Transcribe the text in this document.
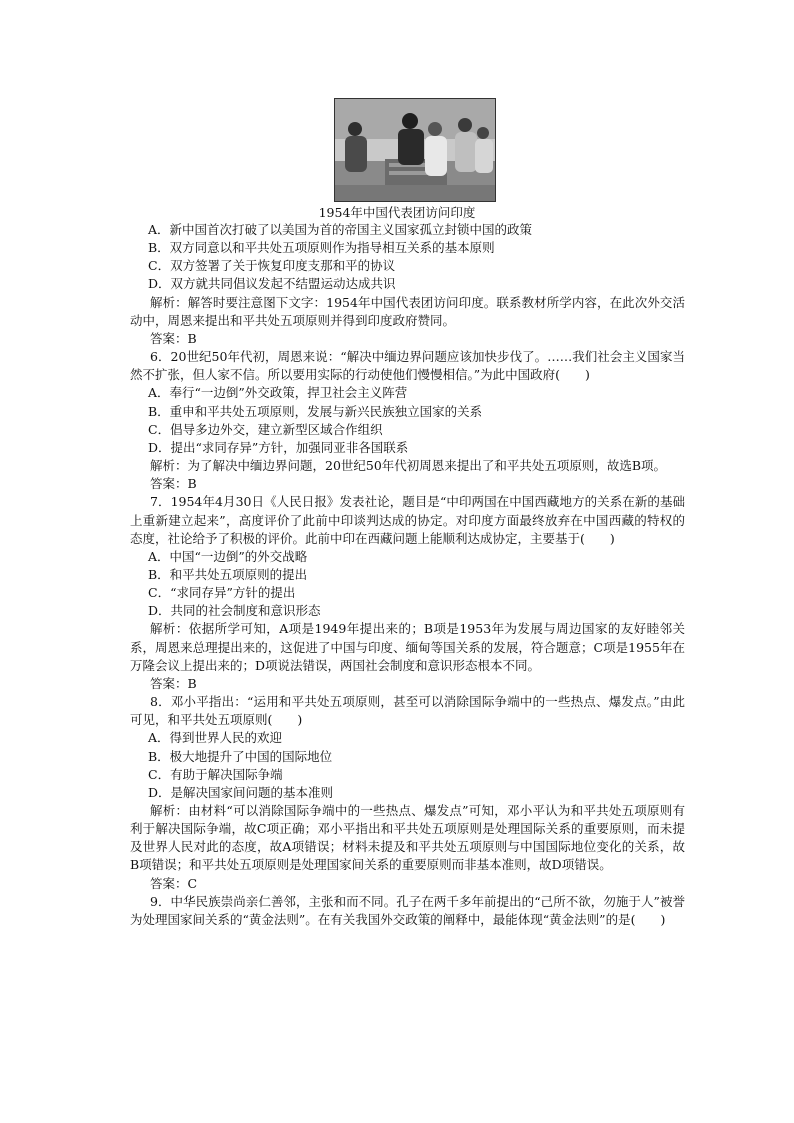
1954年中国代表团访问印度
A．新中国首次打破了以美国为首的帝国主义国家孤立封锁中国的政策
B．双方同意以和平共处五项原则作为指导相互关系的基本原则
C．双方签署了关于恢复印度支那和平的协议
D．双方就共同倡议发起不结盟运动达成共识
解析：解答时要注意图下文字：1954年中国代表团访问印度。联系教材所学内容，在此次外交活动中，周恩来提出和平共处五项原则并得到印度政府赞同。
答案：B
6．20世纪50年代初，周恩来说：“解决中缅边界问题应该加快步伐了。……我们社会主义国家当然不扩张，但人家不信。所以要用实际的行动使他们慢慢相信。”为此中国政府(　　)
A．奉行“一边倒”外交政策，捍卫社会主义阵营
B．重申和平共处五项原则，发展与新兴民族独立国家的关系
C．倡导多边外交，建立新型区域合作组织
D．提出“求同存异”方针，加强同亚非各国联系
解析：为了解决中缅边界问题，20世纪50年代初周恩来提出了和平共处五项原则，故选B项。
答案：B
7．1954年4月30日《人民日报》发表社论，题目是“中印两国在中国西藏地方的关系在新的基础上重新建立起来”，高度评价了此前中印谈判达成的协定。对印度方面最终放弃在中国西藏的特权的态度，社论给予了积极的评价。此前中印在西藏问题上能顺利达成协定，主要基于(　　)
A．中国“一边倒”的外交战略
B．和平共处五项原则的提出
C．“求同存异”方针的提出
D．共同的社会制度和意识形态
解析：依据所学可知，A项是1949年提出来的；B项是1953年为发展与周边国家的友好睦邻关系，周恩来总理提出来的，这促进了中国与印度、缅甸等国关系的发展，符合题意；C项是1955年在万隆会议上提出来的；D项说法错误，两国社会制度和意识形态根本不同。
答案：B
8．邓小平指出：“运用和平共处五项原则，甚至可以消除国际争端中的一些热点、爆发点。”由此可见，和平共处五项原则(　　)
A．得到世界人民的欢迎
B．极大地提升了中国的国际地位
C．有助于解决国际争端
D．是解决国家间问题的基本准则
解析：由材料“可以消除国际争端中的一些热点、爆发点”可知，邓小平认为和平共处五项原则有利于解决国际争端，故C项正确；邓小平指出和平共处五项原则是处理国际关系的重要原则，而未提及世界人民对此的态度，故A项错误；材料未提及和平共处五项原则与中国国际地位变化的关系，故B项错误；和平共处五项原则是处理国家间关系的重要原则而非基本准则，故D项错误。
答案：C
9．中华民族崇尚亲仁善邻，主张和而不同。孔子在两千多年前提出的“己所不欲，勿施于人”被誉为处理国家间关系的“黄金法则”。在有关我国外交政策的阐释中，最能体现“黄金法则”的是(　　)
